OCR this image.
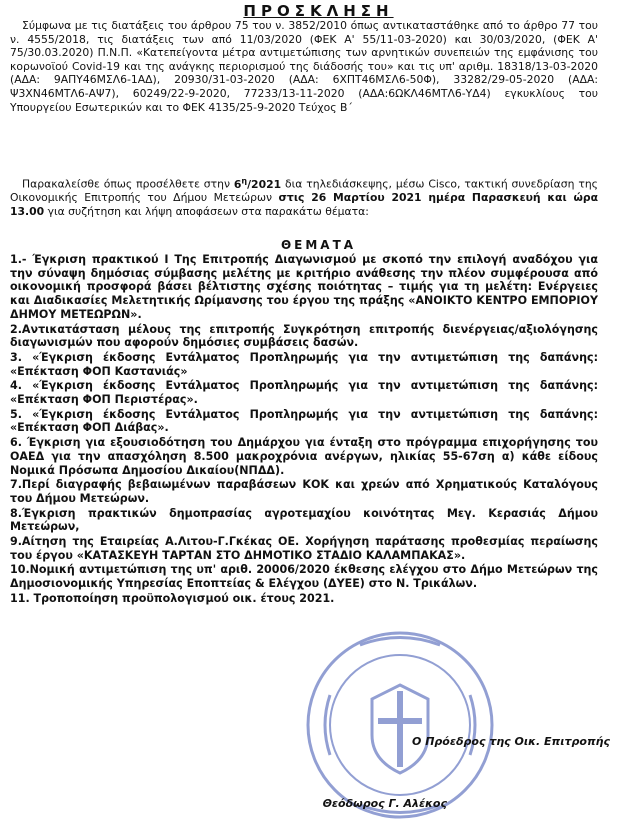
ΠΡΟΣΚΛΗΣΗ
Σύμφωνα με τις διατάξεις του άρθρου 75 του ν. 3852/2010 όπως αντικαταστάθηκε από το άρθρο 77 του ν. 4555/2018, τις διατάξεις των από 11/03/2020 (ΦΕΚ Α' 55/11-03-2020) και 30/03/2020, (ΦΕΚ Α' 75/30.03.2020) Π.Ν.Π. «Κατεπείγοντα μέτρα αντιμετώπισης των αρνητικών συνεπειών της εμφάνισης του κορωνοϊού Covid-19 και της ανάγκης περιορισμού της διάδοσής του» και τις υπ' αριθμ. 18318/13-03-2020 (ΑΔΑ: 9ΑΠΥ46ΜΣΛ6-1ΑΔ), 20930/31-03-2020 (ΑΔΑ: 6ΧΠΤ46ΜΣΛ6-50Φ), 33282/29-05-2020 (ΑΔΑ: Ψ3ΧΝ46ΜΤΛ6-ΑΨ7), 60249/22-9-2020, 77233/13-11-2020 (ΑΔΑ:6ΩΚΛ46ΜΤΛ6-ΥΔ4) εγκυκλίους του Υπουργείου Εσωτερικών και το ΦΕΚ 4135/25-9-2020 Τεύχος Β΄
Παρακαλείσθε όπως προσέλθετε στην $6^\eta/2021$ δια τηλεδιάσκεψης, μέσω Cisco, τακτική συνεδρίαση της Οικονομικής Επιτροπής του Δήμου Μετεώρων στις 26 Μαρτίου 2021 ημέρα Παρασκευή και ώρα 13.00 για συζήτηση και λήψη αποφάσεων στα παρακάτω θέματα:
ΘΕΜΑΤΑ
1.- Έγκριση πρακτικού Ι Της Επιτροπής Διαγωνισμού με σκοπό την επιλογή αναδόχου για την σύναψη δημόσιας σύμβασης μελέτης με κριτήριο ανάθεσης την πλέον συμφέρουσα από οικονομική προσφορά βάσει βέλτιστης σχέσης ποιότητας – τιμής για τη μελέτη: Ενέργειες και Διαδικασίες Μελετητικής Ωρίμανσης του έργου της πράξης «ΑΝΟΙΚΤΟ ΚΕΝΤΡΟ ΕΜΠΟΡΙΟΥ ΔΗΜΟΥ ΜΕΤΕΩΡΩΝ».
2.Αντικατάσταση μέλους της επιτροπής Συγκρότηση επιτροπής διενέργειας/αξιολόγησης διαγωνισμών που αφορούν δημόσιες συμβάσεις δασών.
3. «Έγκριση έκδοσης Εντάλματος Προπληρωμής για την αντιμετώπιση της δαπάνης: «Επέκταση ΦΟΠ Καστανιάς»
4. «Έγκριση έκδοσης Εντάλματος Προπληρωμής για την αντιμετώπιση της δαπάνης: «Επέκταση ΦΟΠ Περιστέρας».
5. «Έγκριση έκδοσης Εντάλματος Προπληρωμής για την αντιμετώπιση της δαπάνης: «Επέκταση ΦΟΠ Διάβας».
6. Έγκριση για εξουσιοδότηση του Δημάρχου για ένταξη στο πρόγραμμα επιχορήγησης του ΟΑΕΔ για την απασχόληση 8.500 μακροχρόνια ανέργων, ηλικίας 55-67ση α) κάθε είδους Νομικά Πρόσωπα Δημοσίου Δικαίου(ΝΠΔΔ).
7.Περί διαγραφής βεβαιωμένων παραβάσεων ΚΟΚ και χρεών από Χρηματικούς Καταλόγους του Δήμου Μετεώρων.
8.Έγκριση πρακτικών δημοπρασίας αγροτεμαχίου κοινότητας Μεγ. Κερασιάς Δήμου Μετεώρων,
9.Αίτηση της Εταιρείας Α.Λιτου-Γ.Γκέκας ΟΕ. Χορήγηση παράτασης προθεσμίας περαίωσης του έργου «ΚΑΤΑΣΚΕΥΗ ΤΑΡΤΑΝ ΣΤΟ ΔΗΜΟΤΙΚΟ ΣΤΑΔΙΟ ΚΑΛΑΜΠΑΚΑΣ».
10.Νομική αντιμετώπιση της υπ' αριθ. 20006/2020 έκθεσης ελέγχου στο Δήμο Μετεώρων της Δημοσιονομικής Υπηρεσίας Εποπτείας & Ελέγχου (ΔΥΕΕ) στο Ν. Τρικάλων.
11. Τροποποίηση προϋπολογισμού οικ. έτους 2021.
Ο Πρόεδρος της Οικ. Επιτροπής
Θεόδωρος Γ. Αλέκος
